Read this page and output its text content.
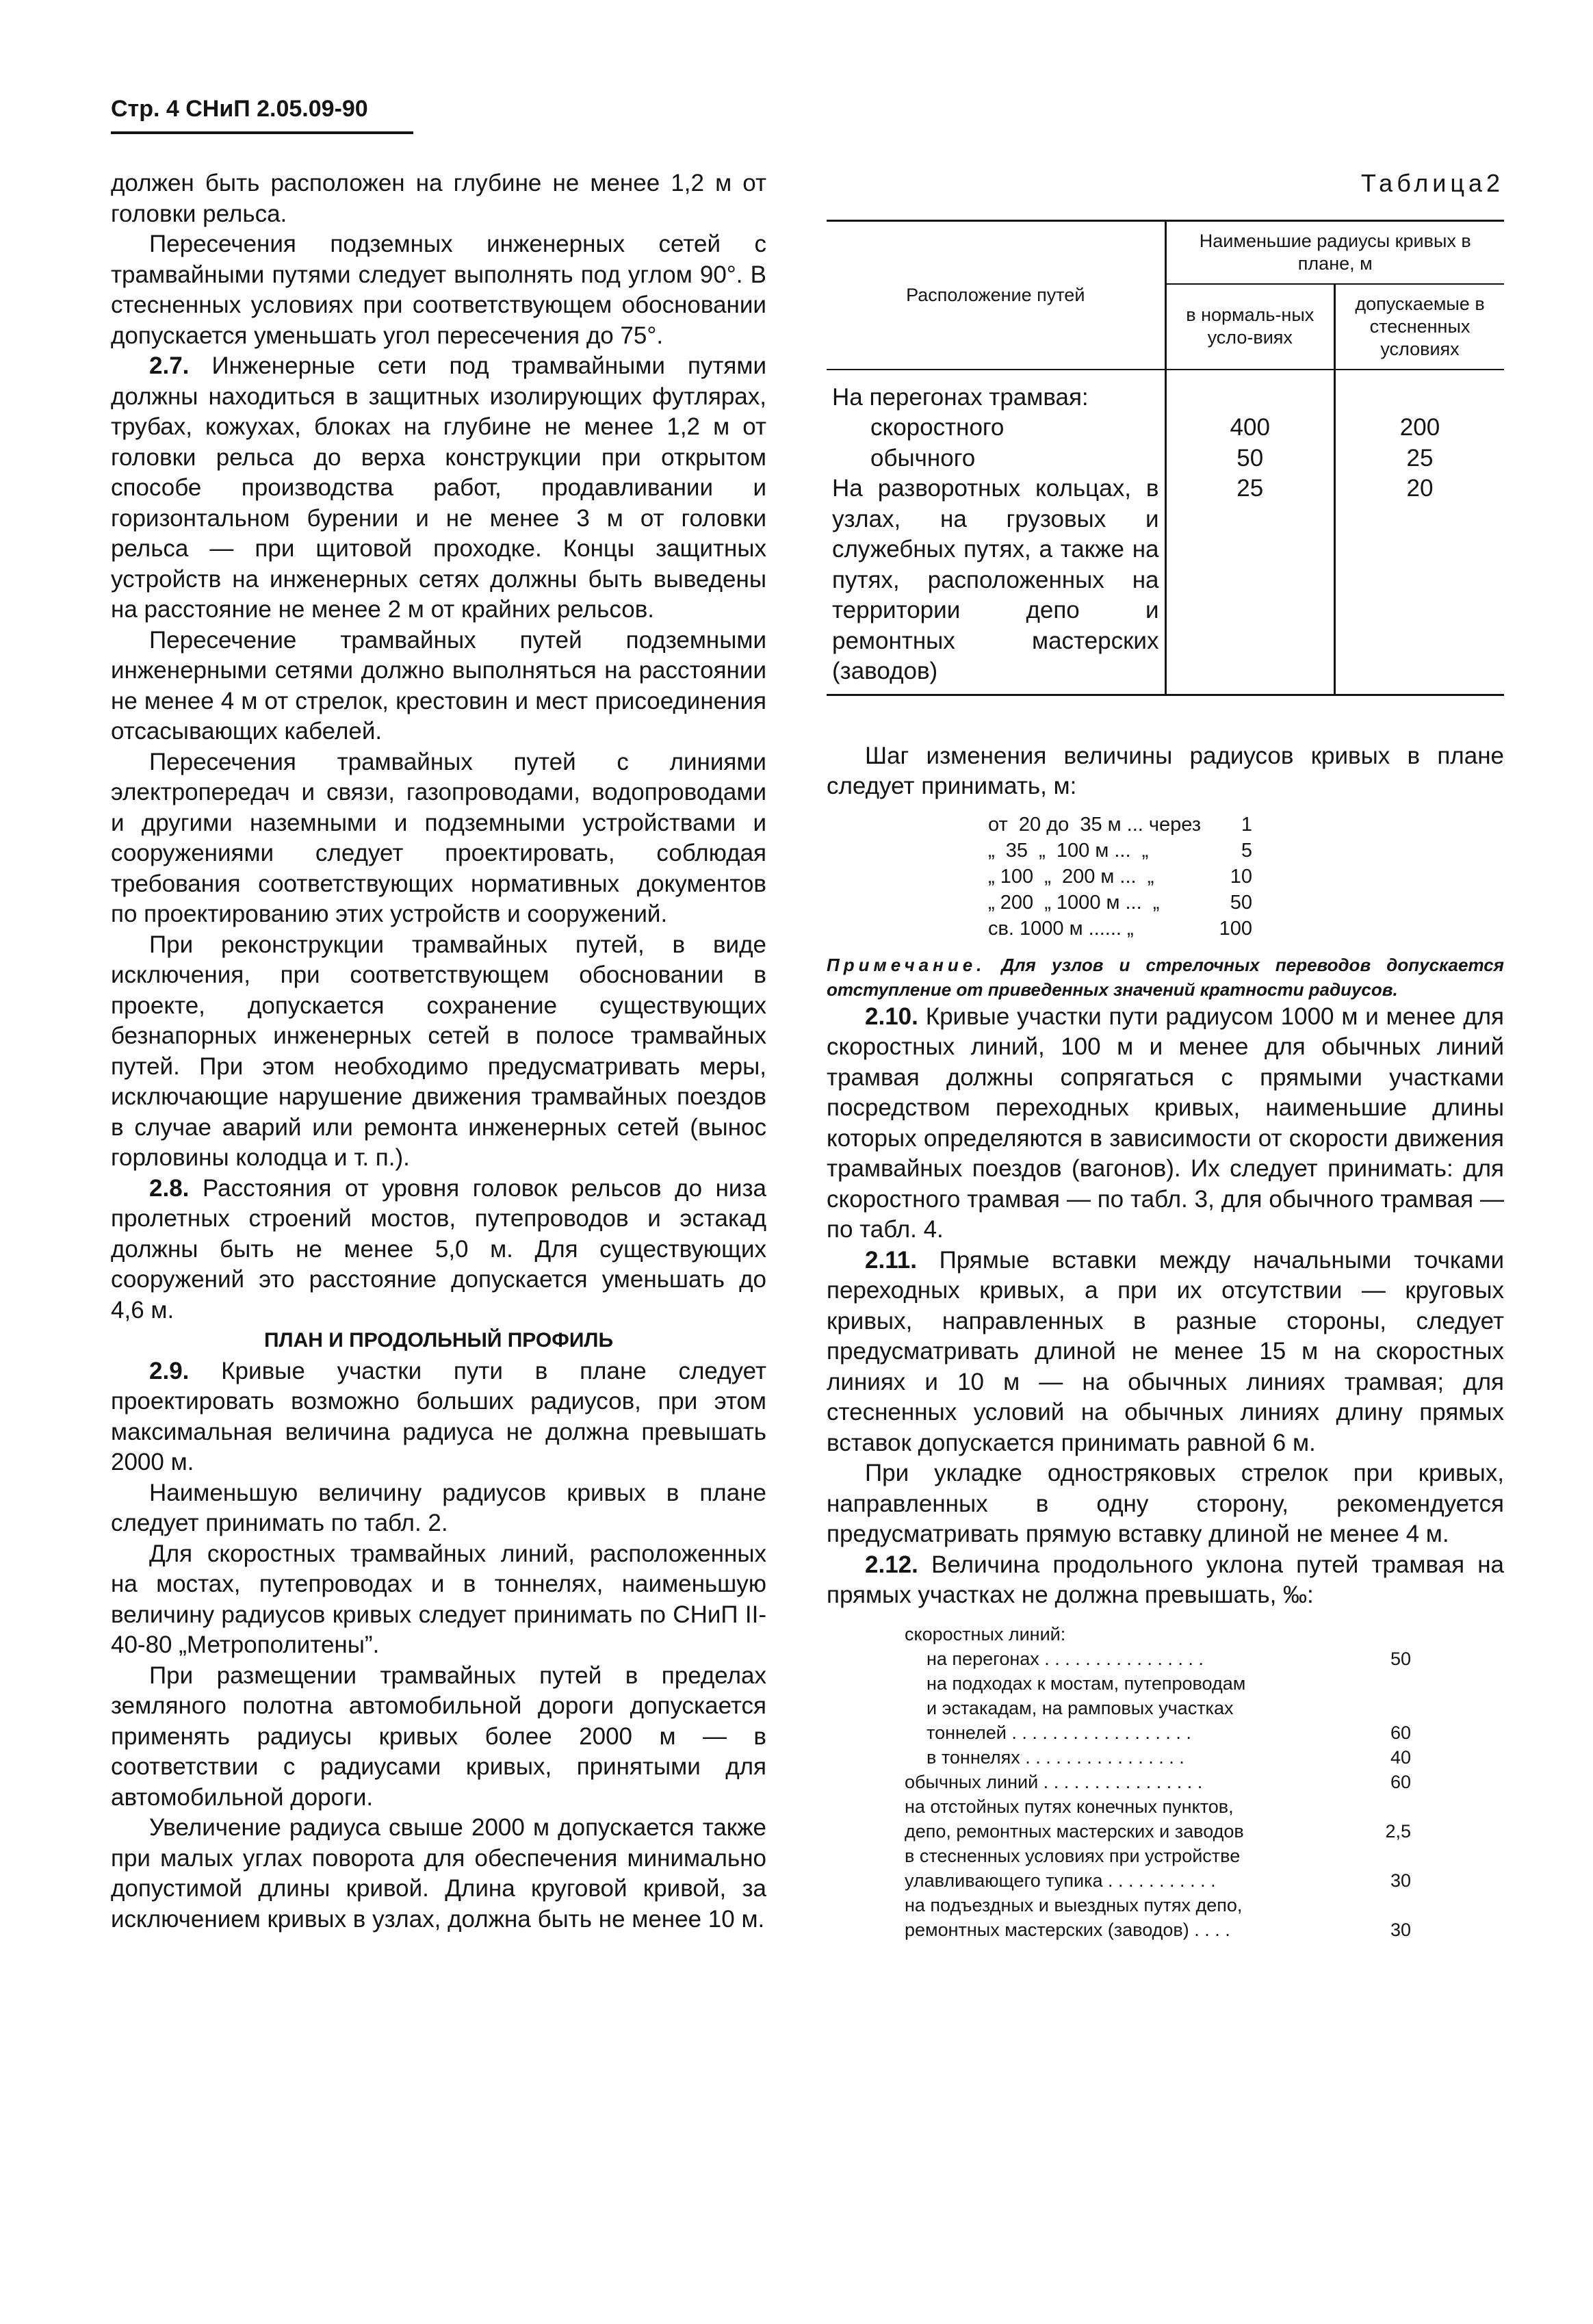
Стр. 4 СНиП 2.05.09-90

должен быть расположен на глубине не менее 1,2 м от головки рельса.

Пересечения подземных инженерных сетей с трамвайными путями следует выполнять под углом 90°. В стесненных условиях при соответствующем обосновании допускается уменьшать угол пересечения до 75°.

2.7. Инженерные сети под трамвайными путями должны находиться в защитных изолирующих футлярах, трубах, кожухах, блоках на глубине не менее 1,2 м от головки рельса до верха конструкции при открытом способе производства работ, продавливании и горизонтальном бурении и не менее 3 м от головки рельса — при щитовой проходке. Концы защитных устройств на инженерных сетях должны быть выведены на расстояние не менее 2 м от крайних рельсов.

Пересечение трамвайных путей подземными инженерными сетями должно выполняться на расстоянии не менее 4 м от стрелок, крестовин и мест присоединения отсасывающих кабелей.

Пересечения трамвайных путей с линиями электропередач и связи, газопроводами, водопроводами и другими наземными и подземными устройствами и сооружениями следует проектировать, соблюдая требования соответствующих нормативных документов по проектированию этих устройств и сооружений.

При реконструкции трамвайных путей, в виде исключения, при соответствующем обосновании в проекте, допускается сохранение существующих безнапорных инженерных сетей в полосе трамвайных путей. При этом необходимо предусматривать меры, исключающие нарушение движения трамвайных поездов в случае аварий или ремонта инженерных сетей (вынос горловины колодца и т. п.).

2.8. Расстояния от уровня головок рельсов до низа пролетных строений мостов, путепроводов и эстакад должны быть не менее 5,0 м. Для существующих сооружений это расстояние допускается уменьшать до 4,6 м.

ПЛАН И ПРОДОЛЬНЫЙ ПРОФИЛЬ

2.9. Кривые участки пути в плане следует проектировать возможно больших радиусов, при этом максимальная величина радиуса не должна превышать 2000 м.

Наименьшую величину радиусов кривых в плане следует принимать по табл. 2.

Для скоростных трамвайных линий, расположенных на мостах, путепроводах и в тоннелях, наименьшую величину радиусов кривых следует принимать по СНиП II-40-80 „Метрополитены”.

При размещении трамвайных путей в пределах земляного полотна автомобильной дороги допускается применять радиусы кривых более 2000 м — в соответствии с радиусами кривых, принятыми для автомобильной дороги.

Увеличение радиуса свыше 2000 м допускается также при малых углах поворота для обеспечения минимально допустимой длины кривой. Длина круговой кривой, за исключением кривых в узлах, должна быть не менее 10 м.

Таблица2
Расположение путей	Наименьшие радиусы кривых в плане, м	
	в нормаль-ных усло-виях	допускаемые в стесненных условиях
На перегонах трамвая:		
скоростного	400	200
обычного	50	25
На разворотных кольцах, в узлах, на грузовых и служебных путях, а также на путях, расположенных на территории депо и ремонтных мастерских (заводов)	25	20

Шаг изменения величины радиусов кривых в плане следует принимать, м:

от  20 до  35 м ... через	1
„  35  „  100 м ...  „	5
„ 100  „  200 м ...  „	10
„ 200  „ 1000 м ...  „	50
св. 1000 м ...... „	100

Примечание. Для узлов и стрелочных переводов допускается отступление от приведенных значений кратности радиусов.

2.10. Кривые участки пути радиусом 1000 м и менее для скоростных линий, 100 м и менее для обычных линий трамвая должны сопрягаться с прямыми участками посредством переходных кривых, наименьшие длины которых определяются в зависимости от скорости движения трамвайных поездов (вагонов). Их следует принимать: для скоростного трамвая — по табл. 3, для обычного трамвая — по табл. 4.

2.11. Прямые вставки между начальными точками переходных кривых, а при их отсутствии — круговых кривых, направленных в разные стороны, следует предусматривать длиной не менее 15 м на скоростных линиях и 10 м — на обычных линиях трамвая; для стесненных условий на обычных линиях длину прямых вставок допускается принимать равной 6 м.

При укладке одностряковых стрелок при кривых, направленных в одну сторону, рекомендуется предусматривать прямую вставку длиной не менее 4 м.

2.12. Величина продольного уклона путей трамвая на прямых участках не должна превышать, ‰:

скоростных линий:
на перегонах . . . . . . . . . . . . . . . .	50
на подходах к мостам, путепроводам
и эстакадам, на рамповых участках
тоннелей . . . . . . . . . . . . . . . . . .	60
в тоннелях . . . . . . . . . . . . . . . .	40
обычных линий . . . . . . . . . . . . . . . .	60
на отстойных путях конечных пунктов,
депо, ремонтных мастерских и заводов	2,5
в стесненных условиях при устройстве
улавливающего тупика . . . . . . . . . . .	30
на подъездных и выездных путях депо,
ремонтных мастерских (заводов) . . . .	30
